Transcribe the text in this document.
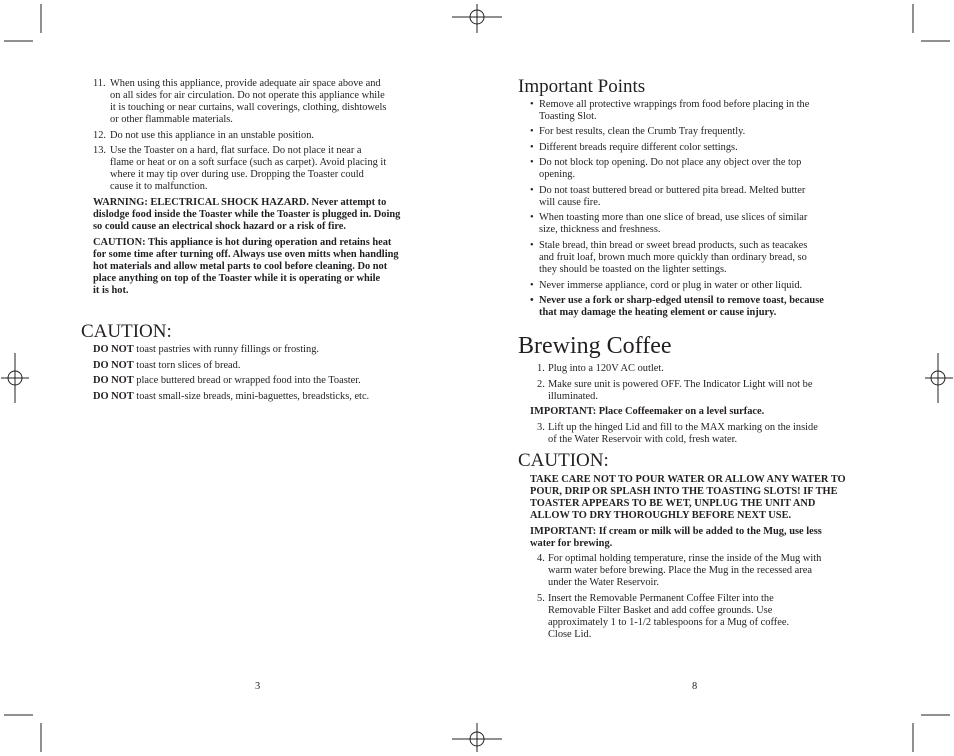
11. When using this appliance, provide adequate air space above and
on all sides for air circulation. Do not operate this appliance while
it is touching or near curtains, wall coverings, clothing, dishtowels
or other flammable materials.
12. Do not use this appliance in an unstable position.
13. Use the Toaster on a hard, flat surface. Do not place it near a
flame or heat or on a soft surface (such as carpet). Avoid placing it
where it may tip over during use. Dropping the Toaster could
cause it to malfunction.
WARNING: ELECTRICAL SHOCK HAZARD. Never attempt to
dislodge food inside the Toaster while the Toaster is plugged in. Doing
so could cause an electrical shock hazard or a risk of fire.
CAUTION: This appliance is hot during operation and retains heat
for some time after turning off. Always use oven mitts when handling
hot materials and allow metal parts to cool before cleaning. Do not
place anything on top of the Toaster while it is operating or while
it is hot.
CAUTION:
DO NOT toast pastries with runny fillings or frosting.
DO NOT toast torn slices of bread.
DO NOT place buttered bread or wrapped food into the Toaster.
DO NOT toast small-size breads, mini-baguettes, breadsticks, etc.
3
Important Points
• Remove all protective wrappings from food before placing in the
Toasting Slot.
• For best results, clean the Crumb Tray frequently.
• Different breads require different color settings.
• Do not block top opening. Do not place any object over the top
opening.
• Do not toast buttered bread or buttered pita bread. Melted butter
will cause fire.
• When toasting more than one slice of bread, use slices of similar
size, thickness and freshness.
• Stale bread, thin bread or sweet bread products, such as teacakes
and fruit loaf, brown much more quickly than ordinary bread, so
they should be toasted on the lighter settings.
• Never immerse appliance, cord or plug in water or other liquid.
• Never use a fork or sharp-edged utensil to remove toast, because
that may damage the heating element or cause injury.
Brewing Coffee
1. Plug into a 120V AC outlet.
2. Make sure unit is powered OFF. The Indicator Light will not be
illuminated.
IMPORTANT: Place Coffeemaker on a level surface.
3. Lift up the hinged Lid and fill to the MAX marking on the inside
of the Water Reservoir with cold, fresh water.
CAUTION:
TAKE CARE NOT TO POUR WATER OR ALLOW ANY WATER TO
POUR, DRIP OR SPLASH INTO THE TOASTING SLOTS! IF THE
TOASTER APPEARS TO BE WET, UNPLUG THE UNIT AND
ALLOW TO DRY THOROUGHLY BEFORE NEXT USE.
IMPORTANT: If cream or milk will be added to the Mug, use less
water for brewing.
4. For optimal holding temperature, rinse the inside of the Mug with
warm water before brewing. Place the Mug in the recessed area
under the Water Reservoir.
5. Insert the Removable Permanent Coffee Filter into the
Removable Filter Basket and add coffee grounds. Use
approximately 1 to 1-1/2 tablespoons for a Mug of coffee.
Close Lid.
8
